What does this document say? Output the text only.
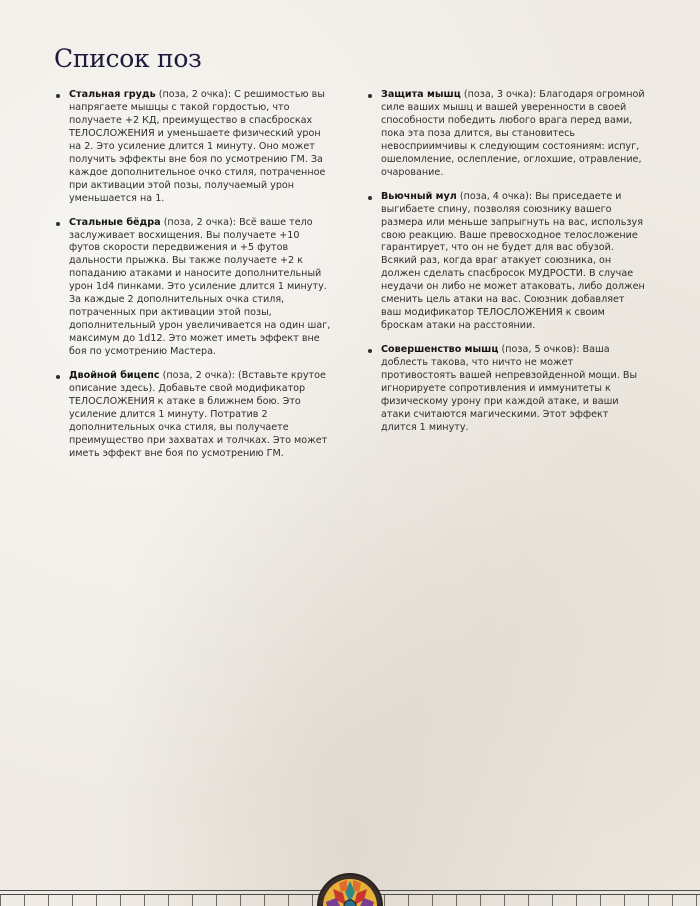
Список поз
Стальная грудь (поза, 2 очка): С решимостью вы напрягаете мышцы с такой гордостью, что получаете +2 КД, преимущество в спасбросках ТЕЛОСЛОЖЕНИЯ и уменьшаете физический урон на 2. Это усиление длится 1 минуту. Оно может получить эффекты вне боя по усмотрению ГМ. За каждое дополнительное очко стиля, потраченное при активации этой позы, получаемый урон уменьшается на 1.
Стальные бёдра (поза, 2 очка): Всё ваше тело заслуживает восхищения. Вы получаете +10 футов скорости передвижения и +5 футов дальности прыжка. Вы также получаете +2 к попаданию атаками и наносите дополнительный урон 1d4 пинками. Это усиление длится 1 минуту. За каждые 2 дополнительных очка стиля, потраченных при активации этой позы, дополнительный урон увеличивается на один шаг, максимум до 1d12. Это может иметь эффект вне боя по усмотрению Мастера.
Двойной бицепс (поза, 2 очка): (Вставьте крутое описание здесь). Добавьте свой модификатор ТЕЛОСЛОЖЕНИЯ к атаке в ближнем бою. Это усиление длится 1 минуту. Потратив 2 дополнительных очка стиля, вы получаете преимущество при захватах и толчках. Это может иметь эффект вне боя по усмотрению ГМ.
Защита мышц (поза, 3 очка): Благодаря огромной силе ваших мышц и вашей уверенности в своей способности победить любого врага перед вами, пока эта поза длится, вы становитесь невосприимчивы к следующим состояниям: испуг, ошеломление, ослепление, оглохшие, отравление, очарование.
Вьючный мул (поза, 4 очка): Вы приседаете и выгибаете спину, позволяя союзнику вашего размера или меньше запрыгнуть на вас, используя свою реакцию. Ваше превосходное телосложение гарантирует, что он не будет для вас обузой. Всякий раз, когда враг атакует союзника, он должен сделать спасбросок МУДРОСТИ. В случае неудачи он либо не может атаковать, либо должен сменить цель атаки на вас. Союзник добавляет ваш модификатор ТЕЛОСЛОЖЕНИЯ к своим броскам атаки на расстоянии.
Совершенство мышц (поза, 5 очков): Ваша доблесть такова, что ничто не может противостоять вашей непревзойденной мощи. Вы игнорируете сопротивления и иммунитеты к физическому урону при каждой атаке, и ваши атаки считаются магическими. Этот эффект длится 1 минуту.
